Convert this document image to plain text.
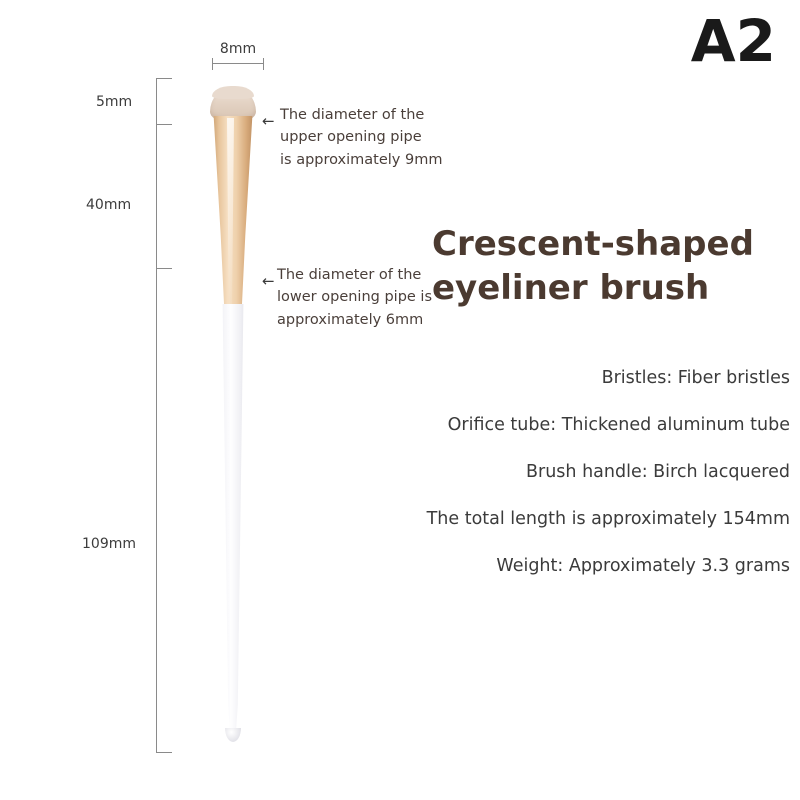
A2
8mm
5mm
40mm
109mm
← The diameter of the
upper opening pipe
is approximately 9mm
← The diameter of the
lower opening pipe is
approximately 6mm
Crescent-shaped
eyeliner brush
Bristles: Fiber bristles
Orifice tube: Thickened aluminum tube
Brush handle: Birch lacquered
The total length is approximately 154mm
Weight: Approximately 3.3 grams
